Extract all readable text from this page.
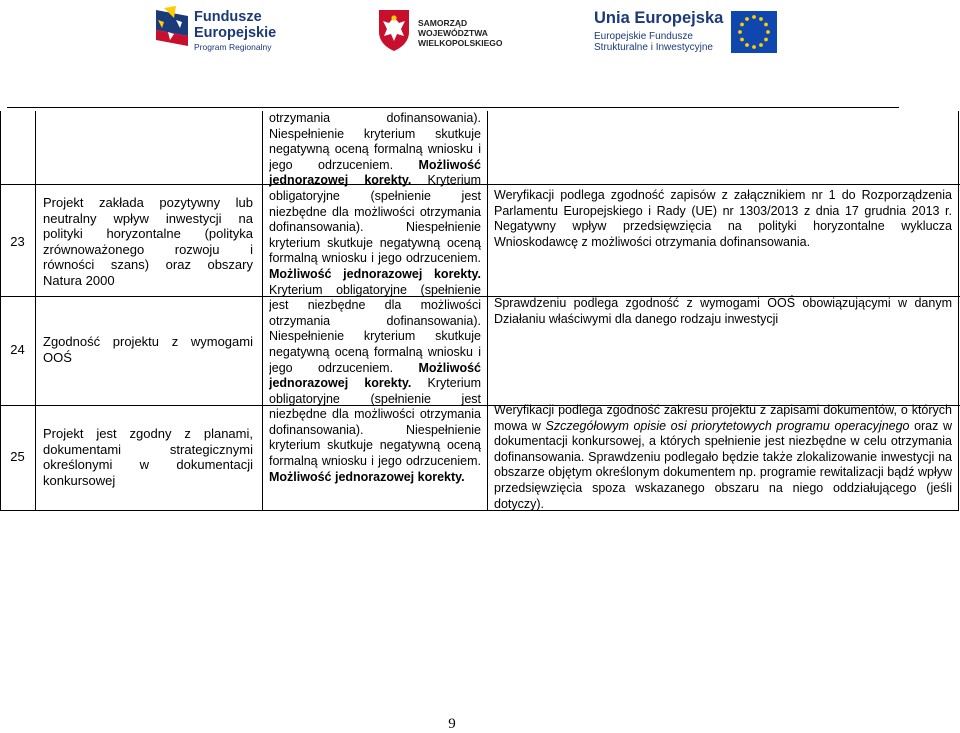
Fundusze
Europejskie
Program Regionalny
SAMORZĄD WOJEWÓDZTWA
WIELKOPOLSKIEGO
Unia Europejska
Europejskie Fundusze
Strukturalne i Inwestycyjne
23
24
25

Projekt zakłada pozytywny lub neutralny wpływ inwestycji na polityki horyzontalne (polityka zrównoważonego rozwoju i równości szans) oraz obszary Natura 2000

Zgodność projektu z wymogami OOŚ

Projekt jest zgodny z planami, dokumentami strategicznymi określonymi w dokumentacji konkursowej

otrzymania dofinansowania). Niespełnienie kryterium skutkuje negatywną oceną formalną wniosku i jego odrzuceniem. Możliwość jednorazowej korekty. Kryterium obligatoryjne (spełnienie jest niezbędne dla możliwości otrzymania dofinansowania). Niespełnienie kryterium skutkuje negatywną oceną formalną wniosku i jego odrzuceniem. Możliwość jednorazowej korekty. Kryterium obligatoryjne (spełnienie jest niezbędne dla możliwości otrzymania dofinansowania). Niespełnienie kryterium skutkuje negatywną oceną formalną wniosku i jego odrzuceniem. Możliwość jednorazowej korekty. Kryterium obligatoryjne (spełnienie jest niezbędne dla możliwości otrzymania dofinansowania). Niespełnienie kryterium skutkuje negatywną oceną formalną wniosku i jego odrzuceniem. Możliwość jednorazowej korekty.

Weryfikacji podlega zgodność zapisów z załącznikiem nr 1 do Rozporządzenia Parlamentu Europejskiego i Rady (UE) nr 1303/2013 z dnia 17 grudnia 2013 r. Negatywny wpływ przedsięwzięcia na polityki horyzontalne wyklucza Wnioskodawcę z możliwości otrzymania dofinansowania.

Sprawdzeniu podlega zgodność z wymogami OOŚ obowiązującymi w danym Działaniu właściwymi dla danego rodzaju inwestycji

Weryfikacji podlega zgodność zakresu projektu z zapisami dokumentów, o których mowa w Szczegółowym opisie osi priorytetowych programu operacyjnego oraz w dokumentacji konkursowej, a których spełnienie jest niezbędne w celu otrzymania dofinansowania. Sprawdzeniu podlegało będzie także zlokalizowanie inwestycji na obszarze objętym określonym dokumentem np. programie rewitalizacji bądź wpływ przedsięwzięcia spoza wskazanego obszaru na niego oddziałującego (jeśli dotyczy).

9
